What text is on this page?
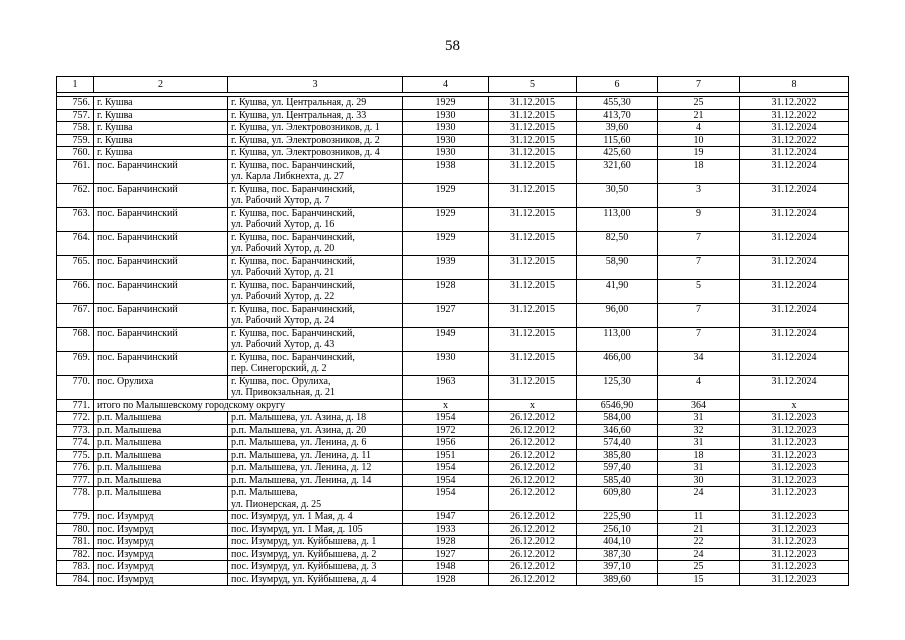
58
1	2	3	4	5	6	7	8

756.	г. Кушва	г. Кушва, ул. Центральная, д. 29	1929	31.12.2015	455,30	25	31.12.2022
757.	г. Кушва	г. Кушва, ул. Центральная, д. 33	1930	31.12.2015	413,70	21	31.12.2022
758.	г. Кушва	г. Кушва, ул. Электровозников, д. 1	1930	31.12.2015	39,60	4	31.12.2024
759.	г. Кушва	г. Кушва, ул. Электровозников, д. 2	1930	31.12.2015	115,60	10	31.12.2022
760.	г. Кушва	г. Кушва, ул. Электровозников, д. 4	1930	31.12.2015	425,60	19	31.12.2024
761.	пос. Баранчинский	г. Кушва, пос. Баранчинский,
ул. Карла Либкнехта, д. 27	1938	31.12.2015	321,60	18	31.12.2024
762.	пос. Баранчинский	г. Кушва, пос. Баранчинский,
ул. Рабочий Хутор, д. 7	1929	31.12.2015	30,50	3	31.12.2024
763.	пос. Баранчинский	г. Кушва, пос. Баранчинский,
ул. Рабочий Хутор, д. 16	1929	31.12.2015	113,00	9	31.12.2024
764.	пос. Баранчинский	г. Кушва, пос. Баранчинский,
ул. Рабочий Хутор, д. 20	1929	31.12.2015	82,50	7	31.12.2024
765.	пос. Баранчинский	г. Кушва, пос. Баранчинский,
ул. Рабочий Хутор, д. 21	1939	31.12.2015	58,90	7	31.12.2024
766.	пос. Баранчинский	г. Кушва, пос. Баранчинский,
ул. Рабочий Хутор, д. 22	1928	31.12.2015	41,90	5	31.12.2024
767.	пос. Баранчинский	г. Кушва, пос. Баранчинский,
ул. Рабочий Хутор, д. 24	1927	31.12.2015	96,00	7	31.12.2024
768.	пос. Баранчинский	г. Кушва, пос. Баранчинский,
ул. Рабочий Хутор, д. 43	1949	31.12.2015	113,00	7	31.12.2024
769.	пос. Баранчинский	г. Кушва, пос. Баранчинский,
пер. Синегорский, д. 2	1930	31.12.2015	466,00	34	31.12.2024
770.	пос. Орулиха	г. Кушва, пос. Орулиха,
ул. Привокзальная, д. 21	1963	31.12.2015	125,30	4	31.12.2024
771.	итого по Малышевскому городскому округу		х	х	6546,90	364	х
772.	р.п. Малышева	р.п. Малышева, ул. Азина, д. 18	1954	26.12.2012	584,00	31	31.12.2023
773.	р.п. Малышева	р.п. Малышева, ул. Азина, д. 20	1972	26.12.2012	346,60	32	31.12.2023
774.	р.п. Малышева	р.п. Малышева, ул. Ленина, д. 6	1956	26.12.2012	574,40	31	31.12.2023
775.	р.п. Малышева	р.п. Малышева, ул. Ленина, д. 11	1951	26.12.2012	385,80	18	31.12.2023
776.	р.п. Малышева	р.п. Малышева, ул. Ленина, д. 12	1954	26.12.2012	597,40	31	31.12.2023
777.	р.п. Малышева	р.п. Малышева, ул. Ленина, д. 14	1954	26.12.2012	585,40	30	31.12.2023
778.	р.п. Малышева	р.п. Малышева,
ул. Пионерская, д. 25	1954	26.12.2012	609,80	24	31.12.2023
779.	пос. Изумруд	пос. Изумруд, ул. 1 Мая, д. 4	1947	26.12.2012	225,90	11	31.12.2023
780.	пос. Изумруд	пос. Изумруд, ул. 1 Мая, д. 105	1933	26.12.2012	256,10	21	31.12.2023
781.	пос. Изумруд	пос. Изумруд, ул. Куйбышева, д. 1	1928	26.12.2012	404,10	22	31.12.2023
782.	пос. Изумруд	пос. Изумруд, ул. Куйбышева, д. 2	1927	26.12.2012	387,30	24	31.12.2023
783.	пос. Изумруд	пос. Изумруд, ул. Куйбышева, д. 3	1948	26.12.2012	397,10	25	31.12.2023
784.	пос. Изумруд	пос. Изумруд, ул. Куйбышева, д. 4	1928	26.12.2012	389,60	15	31.12.2023
